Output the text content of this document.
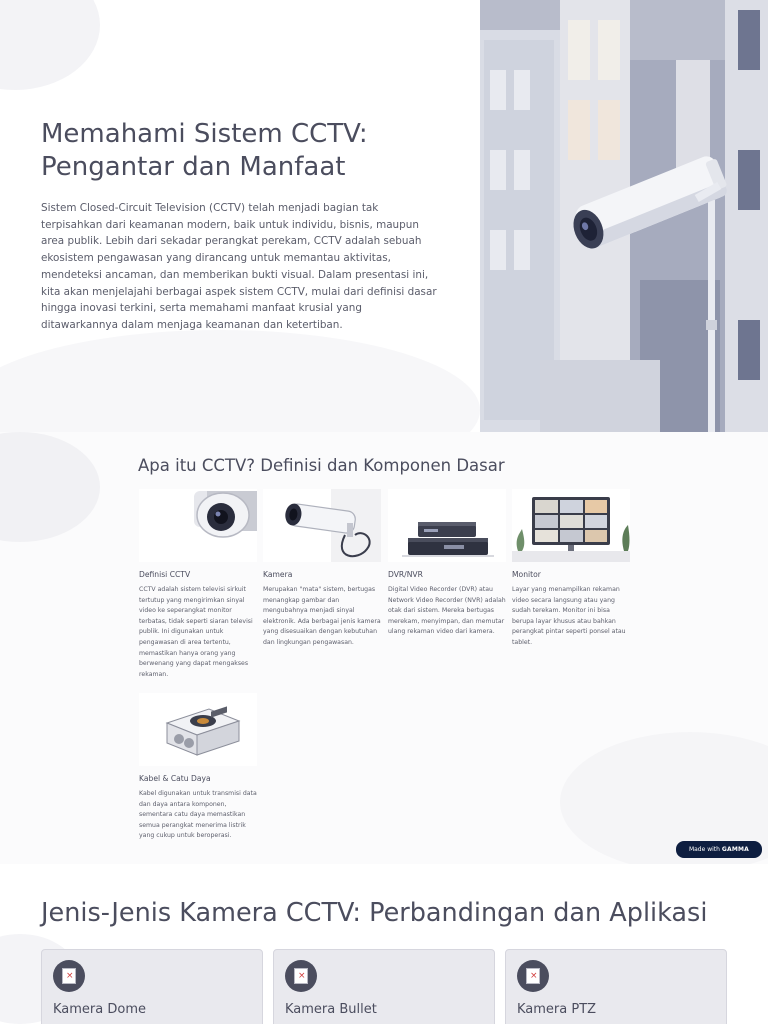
Memahami Sistem CCTV: Pengantar dan Manfaat

Sistem Closed-Circuit Television (CCTV) telah menjadi bagian tak terpisahkan dari keamanan modern, baik untuk individu, bisnis, maupun area publik. Lebih dari sekadar perangkat perekam, CCTV adalah sebuah ekosistem pengawasan yang dirancang untuk memantau aktivitas, mendeteksi ancaman, dan memberikan bukti visual. Dalam presentasi ini, kita akan menjelajahi berbagai aspek sistem CCTV, mulai dari definisi dasar hingga inovasi terkini, serta memahami manfaat krusial yang ditawarkannya dalam menjaga keamanan dan ketertiban.

Apa itu CCTV? Definisi dan Komponen Dasar
Definisi CCTV
CCTV adalah sistem televisi sirkuit tertutup yang mengirimkan sinyal video ke seperangkat monitor terbatas, tidak seperti siaran televisi publik. Ini digunakan untuk pengawasan di area tertentu, memastikan hanya orang yang berwenang yang dapat mengakses rekaman.
Kamera
Merupakan "mata" sistem, bertugas menangkap gambar dan mengubahnya menjadi sinyal elektronik. Ada berbagai jenis kamera yang disesuaikan dengan kebutuhan dan lingkungan pengawasan.
DVR/NVR
Digital Video Recorder (DVR) atau Network Video Recorder (NVR) adalah otak dari sistem. Mereka bertugas merekam, menyimpan, dan memutar ulang rekaman video dari kamera.
Monitor
Layar yang menampilkan rekaman video secara langsung atau yang sudah terekam. Monitor ini bisa berupa layar khusus atau bahkan perangkat pintar seperti ponsel atau tablet.
Kabel & Catu Daya
Kabel digunakan untuk transmisi data dan daya antara komponen, sementara catu daya memastikan semua perangkat menerima listrik yang cukup untuk beroperasi.
Made with GAMMA
Jenis-Jenis Kamera CCTV: Perbandingan dan Aplikasi
×
Kamera Dome
×	Kamera Bullet
×	Kamera PTZ
